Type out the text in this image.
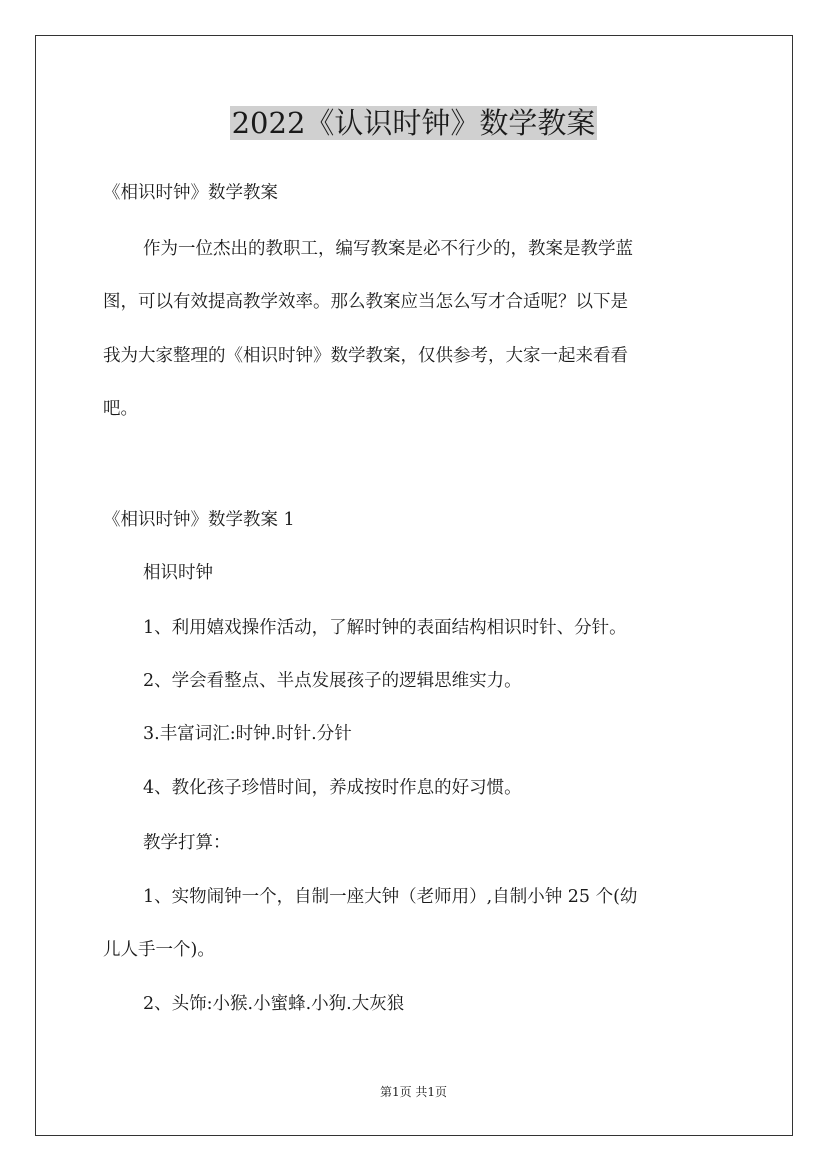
2022《认识时钟》数学教案
《相识时钟》数学教案
作为一位杰出的教职工，编写教案是必不行少的，教案是教学蓝
图，可以有效提高教学效率。那么教案应当怎么写才合适呢？以下是
我为大家整理的《相识时钟》数学教案，仅供参考，大家一起来看看
吧。
《相识时钟》数学教案 1
相识时钟
1、利用嬉戏操作活动，了解时钟的表面结构相识时针、分针。
2、学会看整点、半点发展孩子的逻辑思维实力。
3.丰富词汇:时钟.时针.分针
4、教化孩子珍惜时间，养成按时作息的好习惯。
教学打算：
1、实物闹钟一个，自制一座大钟（老师用）,自制小钟 25 个(幼
儿人手一个)。
2、头饰:小猴.小蜜蜂.小狗.大灰狼
第1页 共1页
